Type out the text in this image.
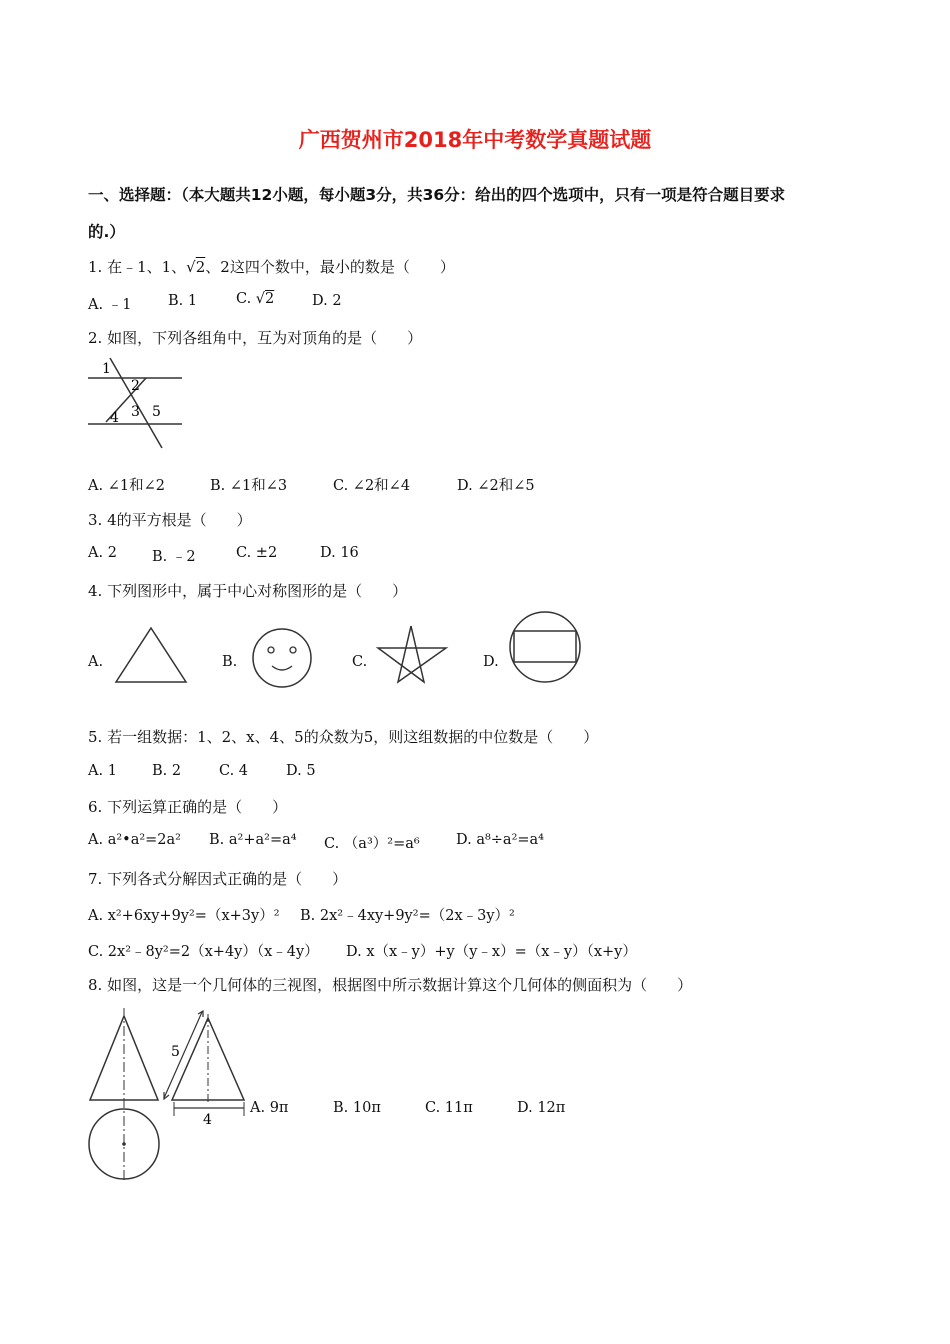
广西贺州市2018年中考数学真题试题
一、选择题：（本大题共12小题，每小题3分，共36分：给出的四个选项中，只有一项是符合题目要求
的.）
1. 在﹣1、1、√2、2这四个数中，最小的数是（　　）
A. ﹣1	B. 1	C. √2	D. 2
2. 如图，下列各组角中，互为对顶角的是（　　）
1
2
3
4 5
A. ∠1和∠2	B. ∠1和∠3	C. ∠2和∠4	D. ∠2和∠5
3. 4的平方根是（　　）
A. 2 B. ﹣2	C. ±2	D. 16
4. 下列图形中，属于中心对称图形的是（　　）
A.	B.	C.	D.
5. 若一组数据：1、2、x、4、5的众数为5，则这组数据的中位数是（　　）
A. 1 B. 2	C. 4	D. 5
6. 下列运算正确的是（　　）
A. a²•a²=2a² B. a²+a²=a⁴ C. （a³）²=a⁶	D. a⁸÷a²=a⁴
7. 下列各式分解因式正确的是（　　）
A. x²+6xy+9y²=（x+3y）² B. 2x²﹣4xy+9y²=（2x﹣3y）²
C. 2x²﹣8y²=2（x+4y）（x﹣4y） D. x（x﹣y）+y（y﹣x）=（x﹣y）（x+y）
8. 如图，这是一个几何体的三视图，根据图中所示数据计算这个几何体的侧面积为（　　）
5
4
A. 9π	B. 10π	C. 11π	D. 12π
